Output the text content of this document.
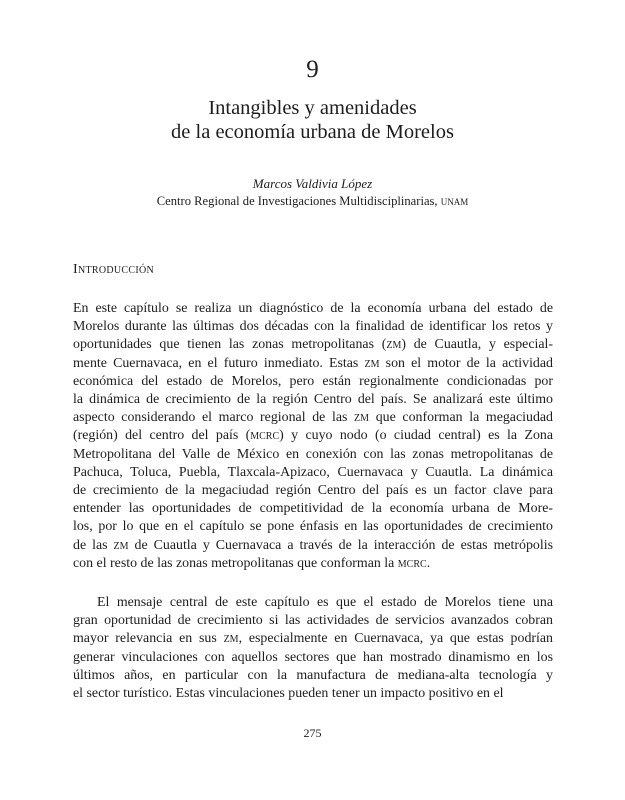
9
Intangibles y amenidades
de la economía urbana de Morelos
Marcos Valdivia López
Centro Regional de Investigaciones Multidisciplinarias, unam
Introducción
En este capítulo se realiza un diagnóstico de la economía urbana del estado de
Morelos durante las últimas dos décadas con la finalidad de identificar los retos y
oportunidades que tienen las zonas metropolitanas (zm) de Cuautla, y especial-
mente Cuernavaca, en el futuro inmediato. Estas zm son el motor de la actividad
económica del estado de Morelos, pero están regionalmente condicionadas por
la dinámica de crecimiento de la región Centro del país. Se analizará este último
aspecto considerando el marco regional de las zm que conforman la megaciudad
(región) del centro del país (mcrc) y cuyo nodo (o ciudad central) es la Zona
Metropolitana del Valle de México en conexión con las zonas metropolitanas de
Pachuca, Toluca, Puebla, Tlaxcala-Apizaco, Cuernavaca y Cuautla. La dinámica
de crecimiento de la megaciudad región Centro del país es un factor clave para
entender las oportunidades de competitividad de la economía urbana de More-
los, por lo que en el capítulo se pone énfasis en las oportunidades de crecimiento
de las zm de Cuautla y Cuernavaca a través de la interacción de estas metrópolis
con el resto de las zonas metropolitanas que conforman la mcrc.
El mensaje central de este capítulo es que el estado de Morelos tiene una
gran oportunidad de crecimiento si las actividades de servicios avanzados cobran
mayor relevancia en sus zm, especialmente en Cuernavaca, ya que estas podrían
generar vinculaciones con aquellos sectores que han mostrado dinamismo en los
últimos años, en particular con la manufactura de mediana-alta tecnología y
el sector turístico. Estas vinculaciones pueden tener un impacto positivo en el
275
